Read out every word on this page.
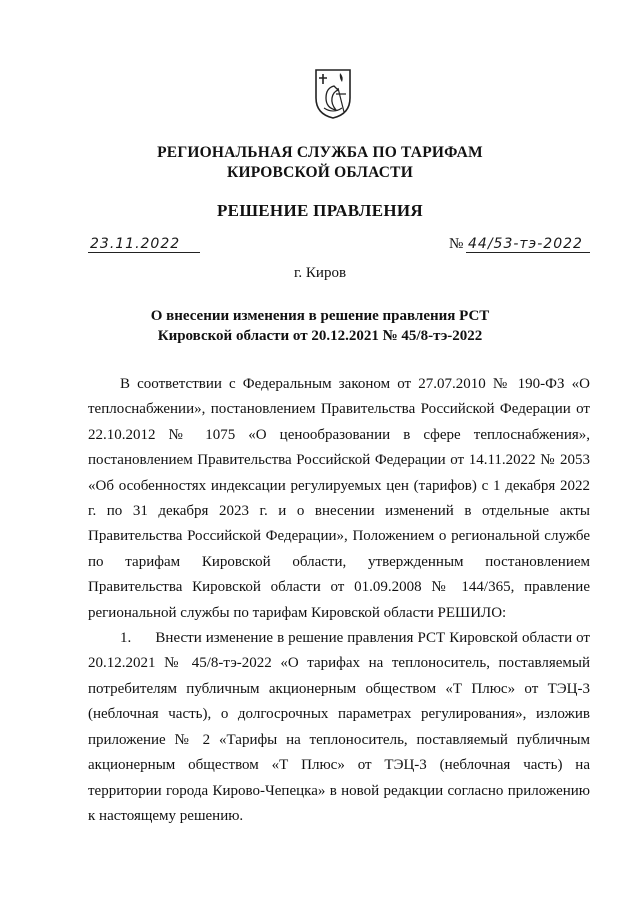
РЕГИОНАЛЬНАЯ СЛУЖБА ПО ТАРИФАМ
КИРОВСКОЙ ОБЛАСТИ
РЕШЕНИЕ ПРАВЛЕНИЯ
23.11.2022	№ 44/53-тэ-2022
г. Киров
О внесении изменения в решение правления РСТ
Кировской области от 20.12.2021 № 45/8-тэ-2022

В соответствии с Федеральным законом от 27.07.2010 № 190-ФЗ «О теплоснабжении», постановлением Правительства Российской Федерации от 22.10.2012 № 1075 «О ценообразовании в сфере теплоснабжения», постановлением Правительства Российской Федерации от 14.11.2022 № 2053 «Об особенностях индексации регулируемых цен (тарифов) с 1 декабря 2022 г. по 31 декабря 2023 г. и о внесении изменений в отдельные акты Правительства Российской Федерации», Положением о региональной службе по тарифам Кировской области, утвержденным постановлением Правительства Кировской области от 01.09.2008 № 144/365, правление региональной службы по тарифам Кировской области РЕШИЛО:

1.      Внести изменение в решение правления РСТ Кировской области от 20.12.2021 № 45/8-тэ-2022 «О тарифах на теплоноситель, поставляемый потребителям публичным акционерным обществом «Т Плюс» от ТЭЦ-3 (неблочная часть), о долгосрочных параметрах регулирования», изложив приложение № 2 «Тарифы на теплоноситель, поставляемый публичным акционерным обществом «Т Плюс» от ТЭЦ-3 (неблочная часть) на территории города Кирово-Чепецка» в новой редакции согласно приложению к настоящему решению.
